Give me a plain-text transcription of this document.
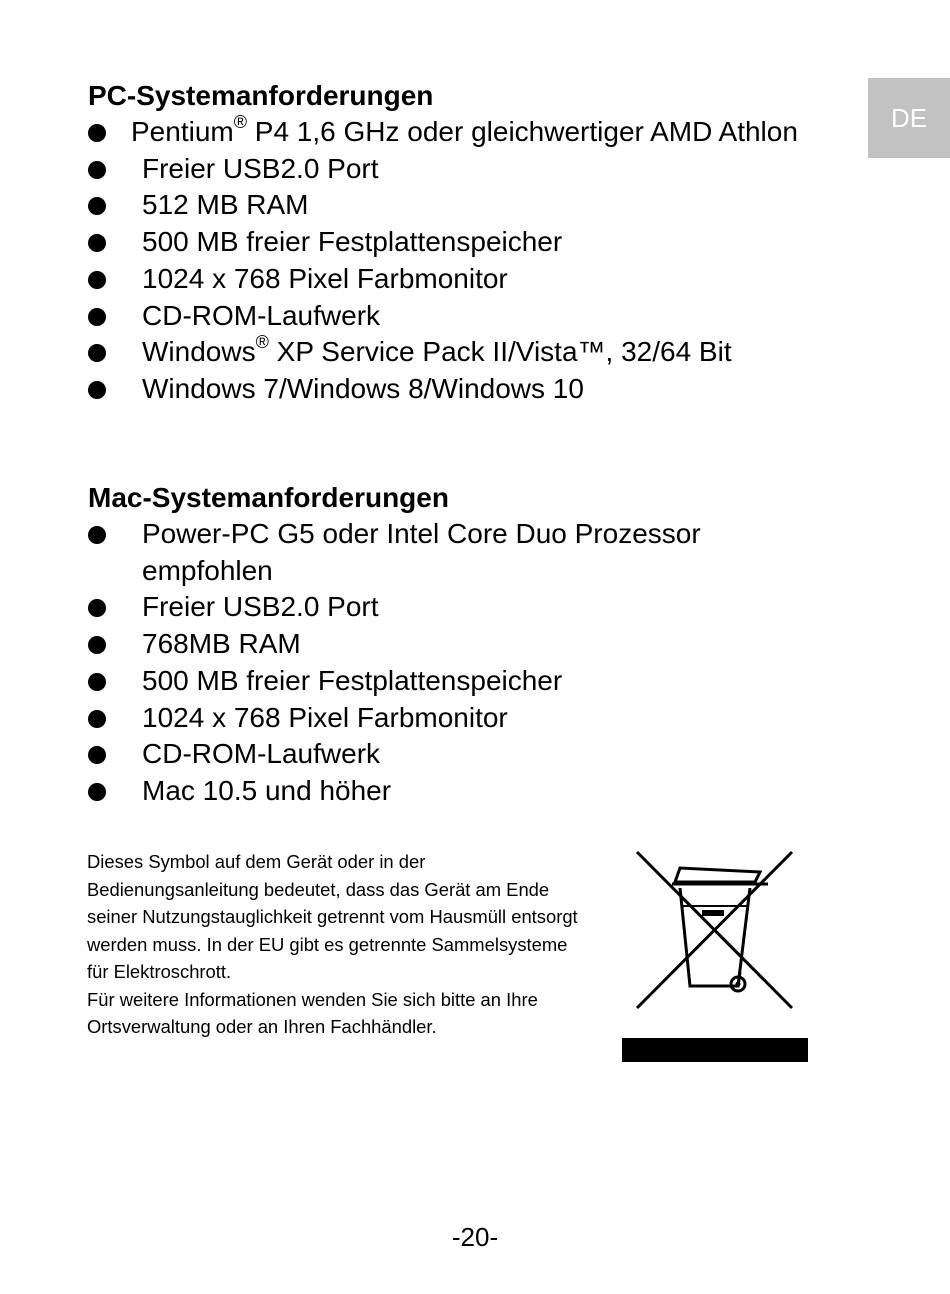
DE
PC-Systemanforderungen
Pentium® P4 1,6 GHz oder gleichwertiger AMD Athlon
Freier USB2.0 Port
512 MB RAM
500 MB freier Festplattenspeicher
1024 x 768 Pixel Farbmonitor
CD-ROM-Laufwerk
Windows® XP Service Pack II/Vista™, 32/64 Bit
Windows 7/Windows 8/Windows 10
Mac-Systemanforderungen
Power-PC G5 oder Intel Core Duo Prozessor empfohlen
Freier USB2.0 Port
768MB RAM
500 MB freier Festplattenspeicher
1024 x 768 Pixel Farbmonitor
CD-ROM-Laufwerk
Mac 10.5 und höher

Dieses Symbol auf dem Gerät oder in der Bedienungsanleitung bedeutet, dass das Gerät am Ende seiner Nutzungstauglichkeit getrennt vom Hausmüll entsorgt werden muss. In der EU gibt es getrennte Sammelsysteme für Elektroschrott.

Für weitere Informationen wenden Sie sich bitte an Ihre Ortsverwaltung oder an Ihren Fachhändler.

-20-
